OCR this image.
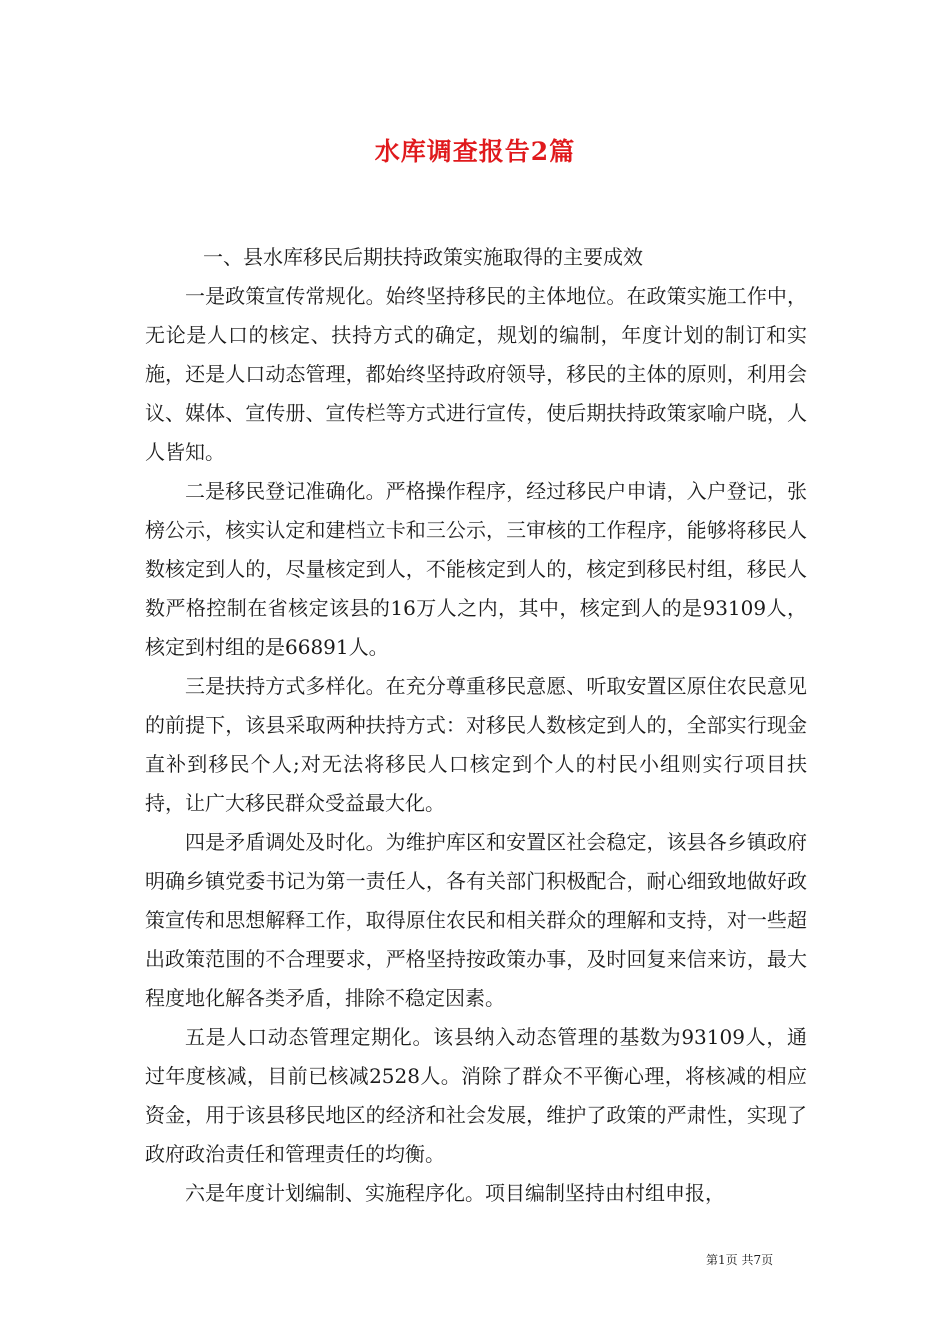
水库调查报告2篇

一、县水库移民后期扶持政策实施取得的主要成效

一是政策宣传常规化。始终坚持移民的主体地位。在政策实施工作中，无论是人口的核定、扶持方式的确定，规划的编制，年度计划的制订和实施，还是人口动态管理，都始终坚持政府领导，移民的主体的原则，利用会议、媒体、宣传册、宣传栏等方式进行宣传，使后期扶持政策家喻户晓，人人皆知。

二是移民登记准确化。严格操作程序，经过移民户申请，入户登记，张榜公示，核实认定和建档立卡和三公示，三审核的工作程序，能够将移民人数核定到人的，尽量核定到人，不能核定到人的，核定到移民村组，移民人数严格控制在省核定该县的16万人之内，其中，核定到人的是93109人，核定到村组的是66891人。

三是扶持方式多样化。在充分尊重移民意愿、听取安置区原住农民意见的前提下，该县采取两种扶持方式：对移民人数核定到人的，全部实行现金直补到移民个人;对无法将移民人口核定到个人的村民小组则实行项目扶持，让广大移民群众受益最大化。

四是矛盾调处及时化。为维护库区和安置区社会稳定，该县各乡镇政府明确乡镇党委书记为第一责任人，各有关部门积极配合，耐心细致地做好政策宣传和思想解释工作，取得原住农民和相关群众的理解和支持，对一些超出政策范围的不合理要求，严格坚持按政策办事，及时回复来信来访，最大程度地化解各类矛盾，排除不稳定因素。

五是人口动态管理定期化。该县纳入动态管理的基数为93109人，通过年度核减，目前已核减2528人。消除了群众不平衡心理，将核减的相应资金，用于该县移民地区的经济和社会发展，维护了政策的严肃性，实现了政府政治责任和管理责任的均衡。

六是年度计划编制、实施程序化。项目编制坚持由村组申报，

第1页 共7页
